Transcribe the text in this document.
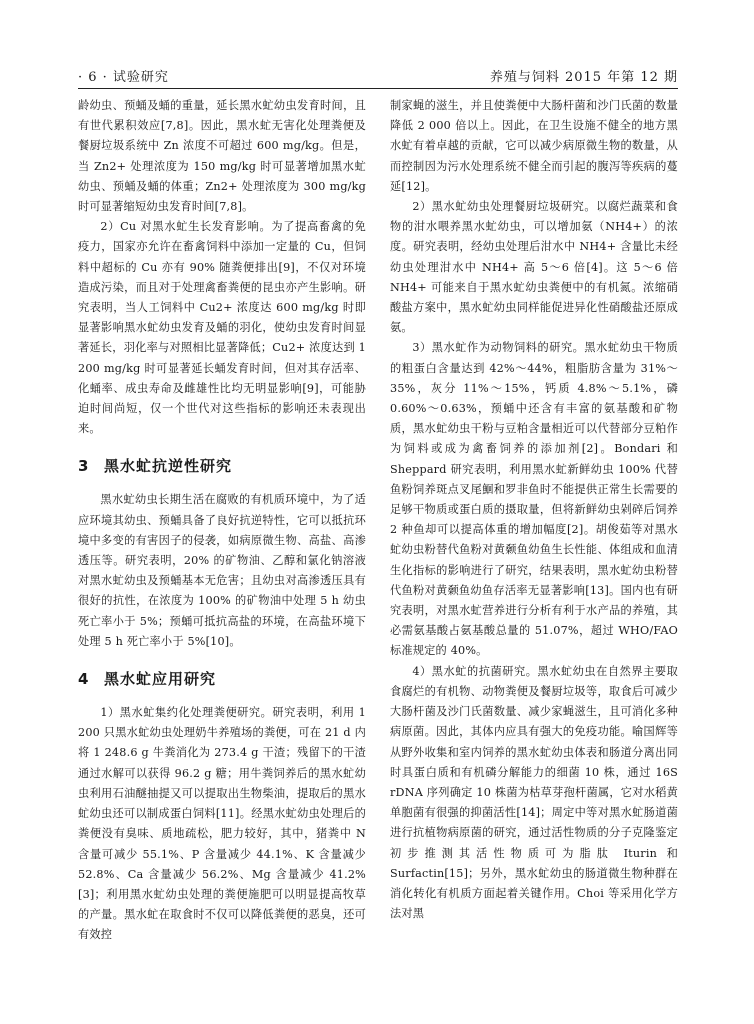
· 6 · 试验研究	养殖与饲料 2015 年第 12 期

龄幼虫、预蛹及蛹的重量，延长黑水虻幼虫发育时间，且有世代累积效应[7,8]。因此，黑水虻无害化处理粪便及餐厨垃圾系统中 Zn 浓度不可超过 600 mg/kg。但是，当 Zn2+ 处理浓度为 150 mg/kg 时可显著增加黑水虻幼虫、预蛹及蛹的体重；Zn2+ 处理浓度为 300 mg/kg 时可显著缩短幼虫发育时间[7,8]。

2）Cu 对黑水虻生长发育影响。为了提高畜禽的免疫力，国家亦允许在畜禽饲料中添加一定量的 Cu，但饲料中超标的 Cu 亦有 90% 随粪便排出[9]，不仅对环境造成污染，而且对于处理禽畜粪便的昆虫亦产生影响。研究表明，当人工饲料中 Cu2+ 浓度达 600 mg/kg 时即显著影响黑水虻幼虫发育及蛹的羽化，使幼虫发育时间显著延长，羽化率与对照相比显著降低；Cu2+ 浓度达到 1 200 mg/kg 时可显著延长蛹发育时间，但对其存活率、化蛹率、成虫寿命及雌雄性比均无明显影响[9]，可能胁迫时间尚短，仅一个世代对这些指标的影响还未表现出来。

3 黑水虻抗逆性研究

黑水虻幼虫长期生活在腐败的有机质环境中，为了适应环境其幼虫、预蛹具备了良好抗逆特性，它可以抵抗环境中多变的有害因子的侵袭，如病原微生物、高盐、高渗透压等。研究表明，20% 的矿物油、乙醇和氯化钠溶液对黑水虻幼虫及预蛹基本无危害；且幼虫对高渗透压具有很好的抗性，在浓度为 100% 的矿物油中处理 5 h 幼虫死亡率小于 5%；预蛹可抵抗高盐的环境，在高盐环境下处理 5 h 死亡率小于 5%[10]。

4 黑水虻应用研究

1）黑水虻集约化处理粪便研究。研究表明，利用 1 200 只黑水虻幼虫处理奶牛养殖场的粪便，可在 21 d 内将 1 248.6 g 牛粪消化为 273.4 g 干渣；残留下的干渣通过水解可以获得 96.2 g 糖；用牛粪饲养后的黑水虻幼虫利用石油醚抽提又可以提取出生物柴油，提取后的黑水虻幼虫还可以制成蛋白饲料[11]。经黑水虻幼虫处理后的粪便没有臭味、质地疏松，肥力较好，其中，猪粪中 N 含量可减少 55.1%、P 含量减少 44.1%、K 含量减少 52.8%、Ca 含量减少 56.2%、Mg 含量减少 41.2%[3]；利用黑水虻幼虫处理的粪便施肥可以明显提高牧草的产量。黑水虻在取食时不仅可以降低粪便的恶臭，还可有效控

制家蝇的滋生，并且使粪便中大肠杆菌和沙门氏菌的数量降低 2 000 倍以上。因此，在卫生设施不健全的地方黑水虻有着卓越的贡献，它可以减少病原微生物的数量，从而控制因为污水处理系统不健全而引起的腹泻等疾病的蔓延[12]。

2）黑水虻幼虫处理餐厨垃圾研究。以腐烂蔬菜和食物的泔水喂养黑水虻幼虫，可以增加氨（NH4+）的浓度。研究表明，经幼虫处理后泔水中 NH4+ 含量比未经幼虫处理泔水中 NH4+ 高 5～6 倍[4]。这 5～6 倍 NH4+ 可能来自于黑水虻幼虫粪便中的有机氮。浓缩硝酸盐方案中，黑水虻幼虫同样能促进异化性硝酸盐还原成氨。

3）黑水虻作为动物饲料的研究。黑水虻幼虫干物质的粗蛋白含量达到 42%～44%，粗脂肪含量为 31%～35%，灰分 11%～15%，钙质 4.8%～5.1%，磷 0.60%～0.63%，预蛹中还含有丰富的氨基酸和矿物质，黑水虻幼虫干粉与豆粕含量相近可以代替部分豆粕作为饲料或成为禽畜饲养的添加剂[2]。Bondari 和 Sheppard 研究表明，利用黑水虻新鲜幼虫 100% 代替鱼粉饲养斑点叉尾鮰和罗非鱼时不能提供正常生长需要的足够干物质或蛋白质的摄取量，但将新鲜幼虫剁碎后饲养 2 种鱼却可以提高体重的增加幅度[2]。胡俊茹等对黑水虻幼虫粉替代鱼粉对黄颡鱼幼鱼生长性能、体组成和血清生化指标的影响进行了研究，结果表明，黑水虻幼虫粉替代鱼粉对黄颡鱼幼鱼存活率无显著影响[13]。国内也有研究表明，对黑水虻营养进行分析有利于水产品的养殖，其必需氨基酸占氨基酸总量的 51.07%，超过 WHO/FAO 标准规定的 40%。

4）黑水虻的抗菌研究。黑水虻幼虫在自然界主要取食腐烂的有机物、动物粪便及餐厨垃圾等，取食后可减少大肠杆菌及沙门氏菌数量、减少家蝇滋生，且可消化多种病原菌。因此，其体内应具有强大的免疫功能。喻国辉等从野外收集和室内饲养的黑水虻幼虫体表和肠道分离出同时具蛋白质和有机磷分解能力的细菌 10 株，通过 16S rDNA 序列确定 10 株菌为枯草芽孢杆菌属，它对水稻黄单胞菌有很强的抑菌活性[14]；周定中等对黑水虻肠道菌进行抗植物病原菌的研究，通过活性物质的分子克隆鉴定初步推测其活性物质可为脂肽 Iturin 和 Surfactin[15]；另外，黑水虻幼虫的肠道微生物种群在消化转化有机质方面起着关键作用。Choi 等采用化学方法对黑
